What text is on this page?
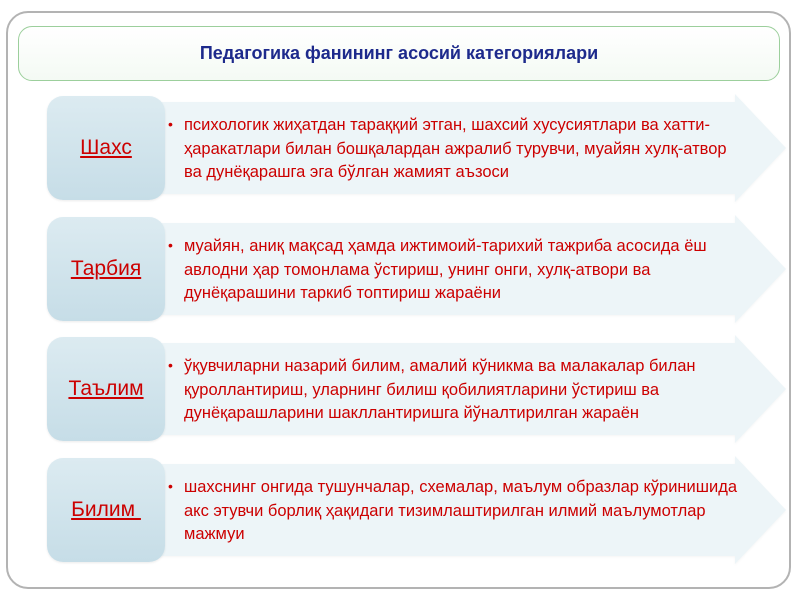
Педагогика фанининг асосий категориялари
Шахс
• психологик жиҳатдан тараққий этган, шахсий хусусиятлари ва хатти-ҳаракатлари билан бошқалардан ажралиб турувчи, муайян хулқ-атвор ва дунёқарашга эга бўлган жамият аъзоси
Тарбия
• муайян, аниқ мақсад ҳамда ижтимоий-тарихий тажриба асосида ёш авлодни ҳар томонлама ўстириш, унинг онги, хулқ-атвори ва дунёқарашини таркиб топтириш жараёни
Таълим
• ўқувчиларни назарий билим, амалий кўникма ва малакалар билан қуроллантириш, уларнинг билиш қобилиятларини ўстириш ва дунёқарашларини шакллантиришга йўналтирилган жараён
Билим
• шахснинг онгида тушунчалар, схемалар, маълум образлар кўринишида акс этувчи борлиқ ҳақидаги тизимлаштирилган илмий маълумотлар мажмуи
